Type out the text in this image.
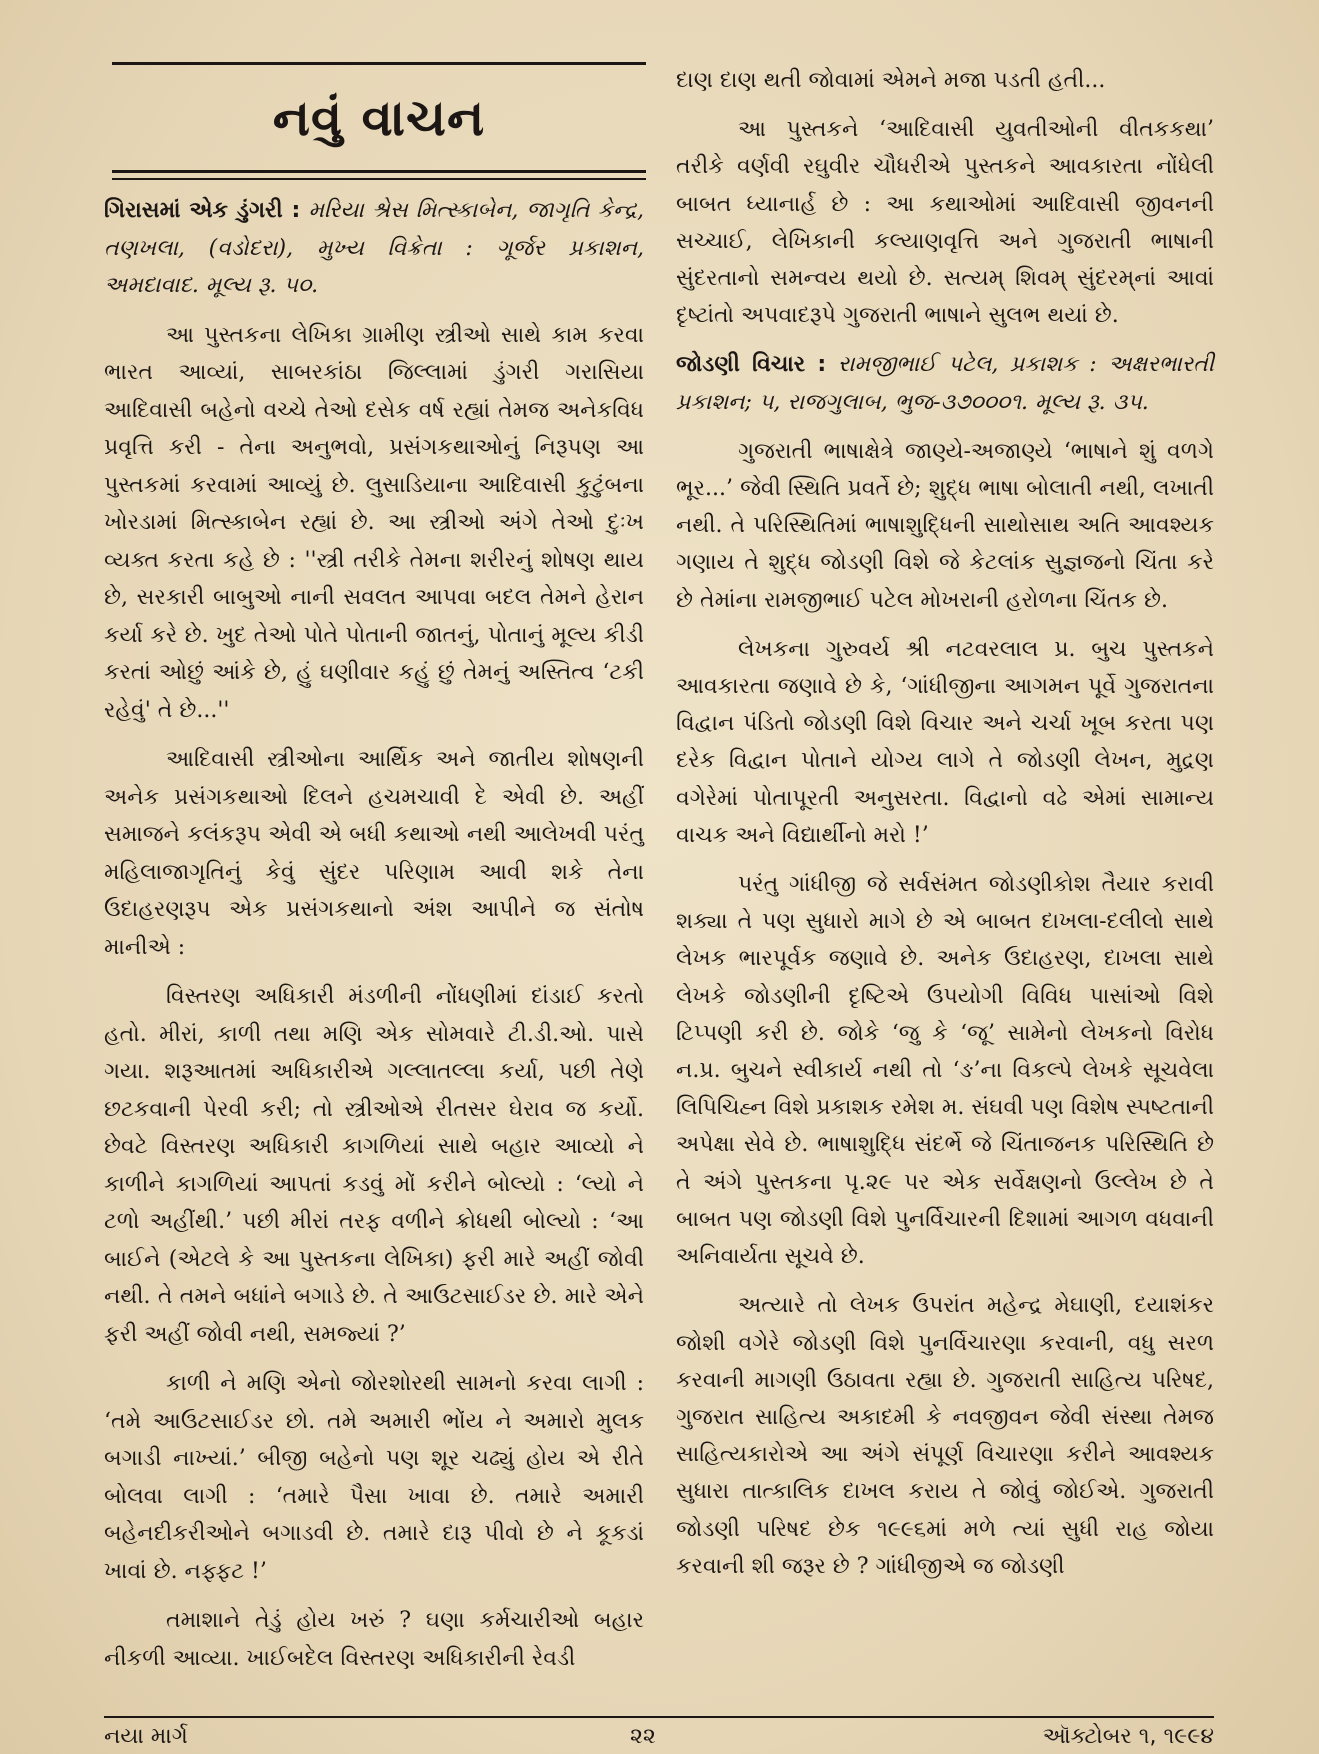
નવું વાચન

ગિરાસમાં એક ડુંગરી : મરિયા શ્રેસ મિત્સ્કાબેન, જાગૃતિ કેન્દ્ર, તણખલા, (વડોદરા), મુખ્ય વિક્રેતા : ગૂર્જર પ્રકાશન, અમદાવાદ. મૂલ્ય રૂ. ૫૦.

આ પુસ્તકના લેખિકા ગ્રામીણ સ્ત્રીઓ સાથે કામ કરવા ભારત આવ્યાં, સાબરકાંઠા જિલ્લામાં ડુંગરી ગરાસિયા આદિવાસી બહેનો વચ્ચે તેઓ દસેક વર્ષ રહ્યાં તેમજ અનેકવિધ પ્રવૃત્તિ કરી - તેના અનુભવો, પ્રસંગકથાઓનું નિરૂપણ આ પુસ્તકમાં કરવામાં આવ્યું છે. લુસાડિયાના આદિવાસી કુટુંબના ખોરડામાં મિત્સ્કાબેન રહ્યાં છે. આ સ્ત્રીઓ અંગે તેઓ દુઃખ વ્યક્ત કરતા કહે છે : ''સ્ત્રી તરીકે તેમના શરીરનું શોષણ થાય છે, સરકારી બાબુઓ નાની સવલત આપવા બદલ તેમને હેરાન કર્યા કરે છે. ખુદ તેઓ પોતે પોતાની જાતનું, પોતાનું મૂલ્ય કીડી કરતાં ઓછું આંકે છે, હું ઘણીવાર કહું છું તેમનું અસ્તિત્વ ‘ટકી રહેવું' તે છે...''

આદિવાસી સ્ત્રીઓના આર્થિક અને જાતીય શોષણની અનેક પ્રસંગકથાઓ દિલને હચમચાવી દે એવી છે. અહીં સમાજને કલંકરૂપ એવી એ બધી કથાઓ નથી આલેખવી પરંતુ મહિલાજાગૃતિનું કેવું સુંદર પરિણામ આવી શકે તેના ઉદાહરણરૂપ એક પ્રસંગકથાનો અંશ આપીને જ સંતોષ માનીએ :

વિસ્તરણ અધિકારી મંડળીની નોંધણીમાં દાંડાઈ કરતો હતો. મીરાં, કાળી તથા મણિ એક સોમવારે ટી.ડી.ઓ. પાસે ગયા. શરૂઆતમાં અધિકારીએ ગલ્લાતલ્લા કર્યા, પછી તેણે છટકવાની પેરવી કરી; તો સ્ત્રીઓએ રીતસર ઘેરાવ જ કર્યો. છેવટે વિસ્તરણ અધિકારી કાગળિયાં સાથે બહાર આવ્યો ને કાળીને કાગળિયાં આપતાં કડવું મોં કરીને બોલ્યો : ‘લ્યો ને ટળો અહીંથી.’ પછી મીરાં તરફ વળીને ક્રોધથી બોલ્યો : ‘આ બાઈને (એટલે કે આ પુસ્તકના લેખિકા) ફરી મારે અહીં જોવી નથી. તે તમને બધાંને બગાડે છે. તે આઉટસાઈડર છે. મારે એને ફરી અહીં જોવી નથી, સમજ્યાં ?’

કાળી ને મણિ એનો જોરશોરથી સામનો કરવા લાગી : ‘તમે આઉટસાઈડર છો. તમે અમારી ભોંય ને અમારો મુલક બગાડી નાખ્યાં.’ બીજી બહેનો પણ શૂર ચઢ્યું હોય એ રીતે બોલવા લાગી : ‘તમારે પૈસા ખાવા છે. તમારે અમારી બહેનદીકરીઓને બગાડવી છે. તમારે દારૂ પીવો છે ને કૂકડાં ખાવાં છે. નફ્ફટ !’

તમાશાને તેડું હોય ખરું ? ઘણા કર્મચારીઓ બહાર નીકળી આવ્યા. ખાઈબદેલ વિસ્તરણ અધિકારીની રેવડી

દાણ દાણ થતી જોવામાં એમને મજા પડતી હતી...

આ પુસ્તકને ‘આદિવાસી યુવતીઓની વીતકકથા’ તરીકે વર્ણવી રઘુવીર ચૌધરીએ પુસ્તકને આવકારતા નોંધેલી બાબત ધ્યાનાર્હ છે : આ કથાઓમાં આદિવાસી જીવનની સચ્ચાઈ, લેખિકાની કલ્યાણવૃત્તિ અને ગુજરાતી ભાષાની સુંદરતાનો સમન્વય થયો છે. સત્યમ્ શિવમ્ સુંદરમ્‌નાં આવાં દૃષ્ટાંતો અપવાદરૂપે ગુજરાતી ભાષાને સુલભ થયાં છે.

જોડણી વિચાર : રામજીભાઈ પટેલ, પ્રકાશક : અક્ષરભારતી પ્રકાશન; ૫, રાજગુલાબ, ભુજ-૩૭૦૦૦૧. મૂલ્ય રૂ. ૩૫.

ગુજરાતી ભાષાક્ષેત્રે જાણ્યે-અજાણ્યે ‘ભાષાને શું વળગે ભૂર...’ જેવી સ્થિતિ પ્રવર્તે છે; શુદ્ધ ભાષા બોલાતી નથી, લખાતી નથી. તે પરિસ્થિતિમાં ભાષાશુદ્ધિની સાથોસાથ અતિ આવશ્યક ગણાય તે શુદ્ધ જોડણી વિશે જે કેટલાંક સુજ્ઞજનો ચિંતા કરે છે તેમાંના રામજીભાઈ પટેલ મોખરાની હરોળના ચિંતક છે.

લેખકના ગુરુવર્ય શ્રી નટવરલાલ પ્ર. બુચ પુસ્તકને આવકારતા જણાવે છે કે, ‘ગાંધીજીના આગમન પૂર્વે ગુજરાતના વિદ્વાન પંડિતો જોડણી વિશે વિચાર અને ચર્ચા ખૂબ કરતા પણ દરેક વિદ્વાન પોતાને યોગ્ય લાગે તે જોડણી લેખન, મુદ્રણ વગેરેમાં પોતાપૂરતી અનુસરતા. વિદ્વાનો વઢે એમાં સામાન્ય વાચક અને વિદ્યાર્થીનો મરો !’

પરંતુ ગાંધીજી જે સર્વસંમત જોડણીકોશ તૈયાર કરાવી શક્યા તે પણ સુધારો માગે છે એ બાબત દાખલા-દલીલો સાથે લેખક ભારપૂર્વક જણાવે છે. અનેક ઉદાહરણ, દાખલા સાથે લેખકે જોડણીની દૃષ્ટિએ ઉપયોગી વિવિધ પાસાંઓ વિશે ટિપ્પણી કરી છે. જોકે ‘જુ કે ‘જૂ’ સામેનો લેખકનો વિરોધ ન.પ્ર. બુચને સ્વીકાર્ય નથી તો ‘ઙ’ના વિકલ્પે લેખકે સૂચવેલા લિપિચિહ્ન વિશે પ્રકાશક રમેશ મ. સંઘવી પણ વિશેષ સ્પષ્ટતાની અપેક્ષા સેવે છે. ભાષાશુદ્ધિ સંદર્ભે જે ચિંતાજનક પરિસ્થિતિ છે તે અંગે પુસ્તકના પૃ.૨૯ પર એક સર્વેક્ષણનો ઉલ્લેખ છે તે બાબત પણ જોડણી વિશે પુનર્વિચારની દિશામાં આગળ વધવાની અનિવાર્યતા સૂચવે છે.

અત્યારે તો લેખક ઉપરાંત મહેન્દ્ર મેઘાણી, દયાશંકર જોશી વગેરે જોડણી વિશે પુનર્વિચારણા કરવાની, વધુ સરળ કરવાની માગણી ઉઠાવતા રહ્યા છે. ગુજરાતી સાહિત્ય પરિષદ, ગુજરાત સાહિત્ય અકાદમી કે નવજીવન જેવી સંસ્થા તેમજ સાહિત્યકારોએ આ અંગે સંપૂર્ણ વિચારણા કરીને આવશ્યક સુધારા તાત્કાલિક દાખલ કરાય તે જોવું જોઈએ. ગુજરાતી જોડણી પરિષદ છેક ૧૯૯૬માં મળે ત્યાં સુધી રાહ જોયા કરવાની શી જરૂર છે ? ગાંધીજીએ જ જોડણી

નયા માર્ગ	૨૨	ઑક્ટોબર ૧, ૧૯૯૪
